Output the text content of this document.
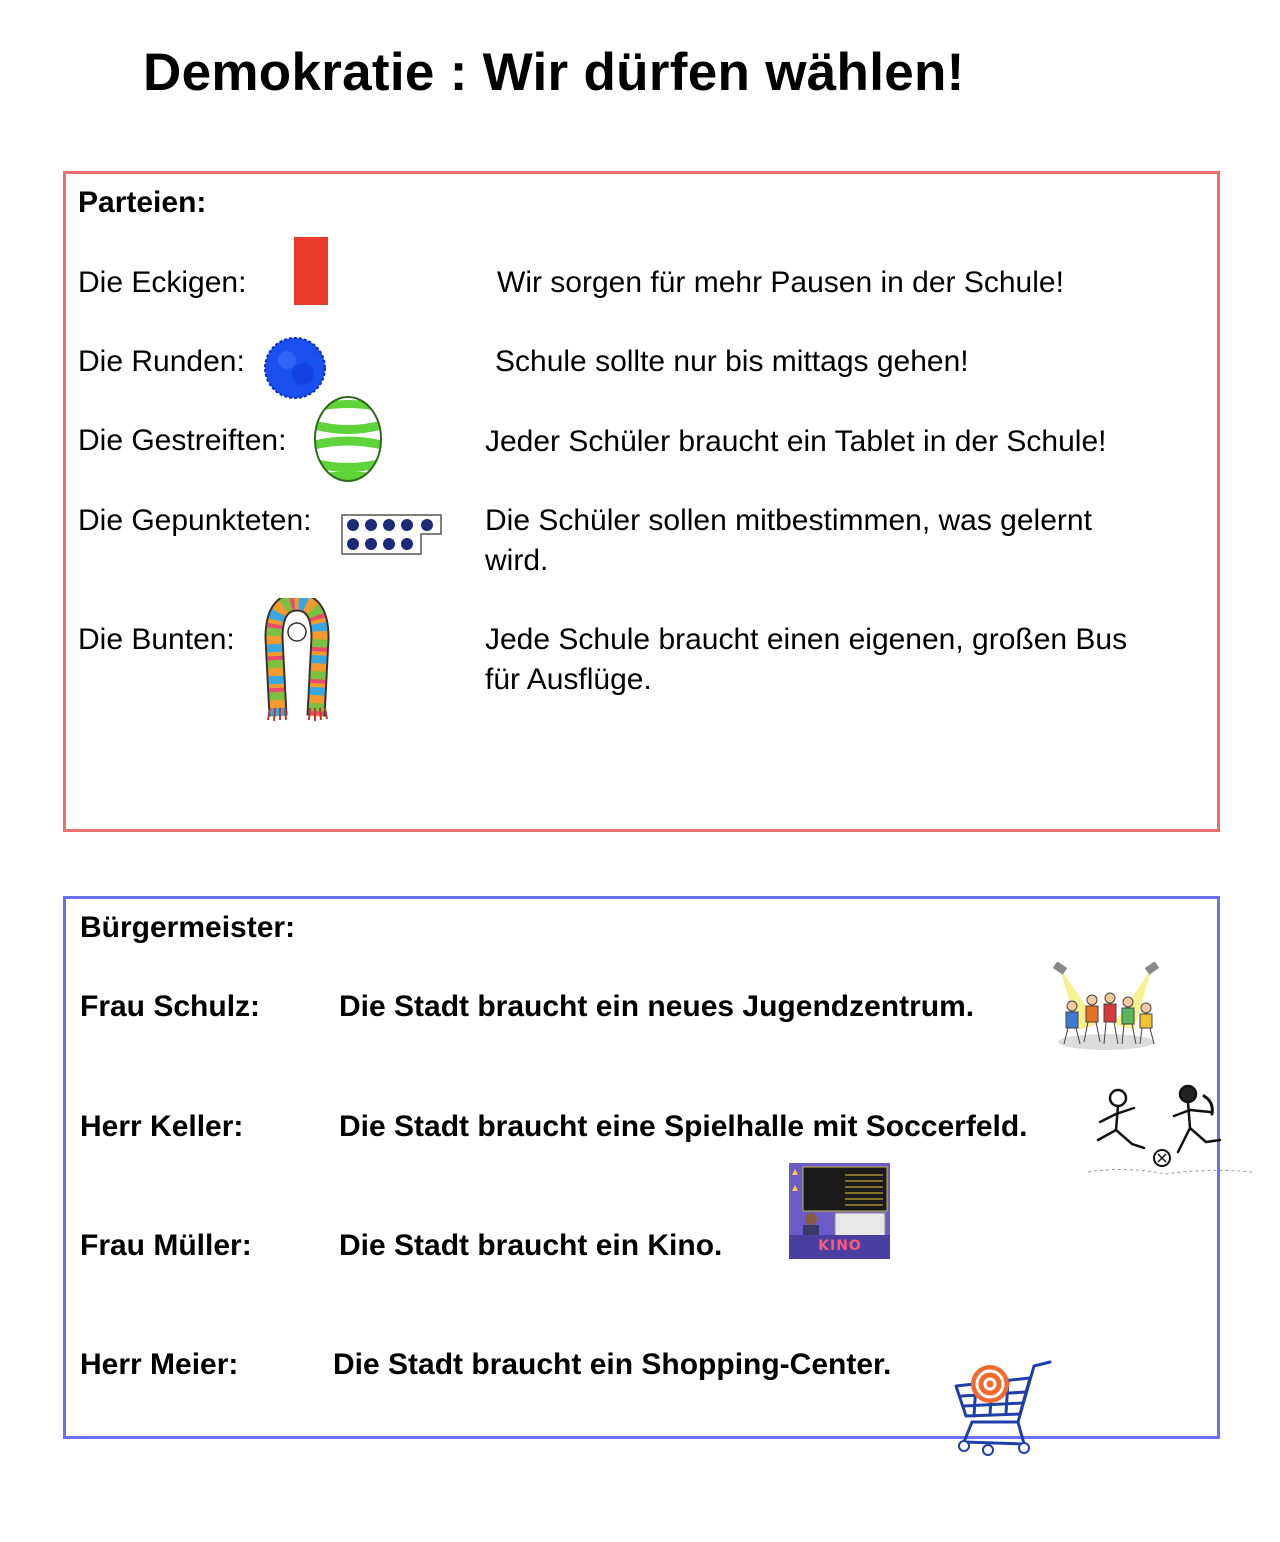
Demokratie : Wir dürfen wählen!
Parteien:
Die Eckigen:	Wir sorgen für mehr Pausen in der Schule!
Die Runden:	Schule sollte nur bis mittags gehen!
Die Gestreiften:	Jeder Schüler braucht ein Tablet in der Schule!
Die Gepunkteten:	Die Schüler sollen mitbestimmen, was gelernt
wird.
Die Bunten:	Jede Schule braucht einen eigenen, großen Bus
für Ausflüge.
Bürgermeister:
Frau Schulz:	Die Stadt braucht ein neues Jugendzentrum.
Herr Keller:	Die Stadt braucht eine Spielhalle mit Soccerfeld.
Frau Müller:	Die Stadt braucht ein Kino.	KINO
Herr Meier:	Die Stadt braucht ein Shopping-Center.
